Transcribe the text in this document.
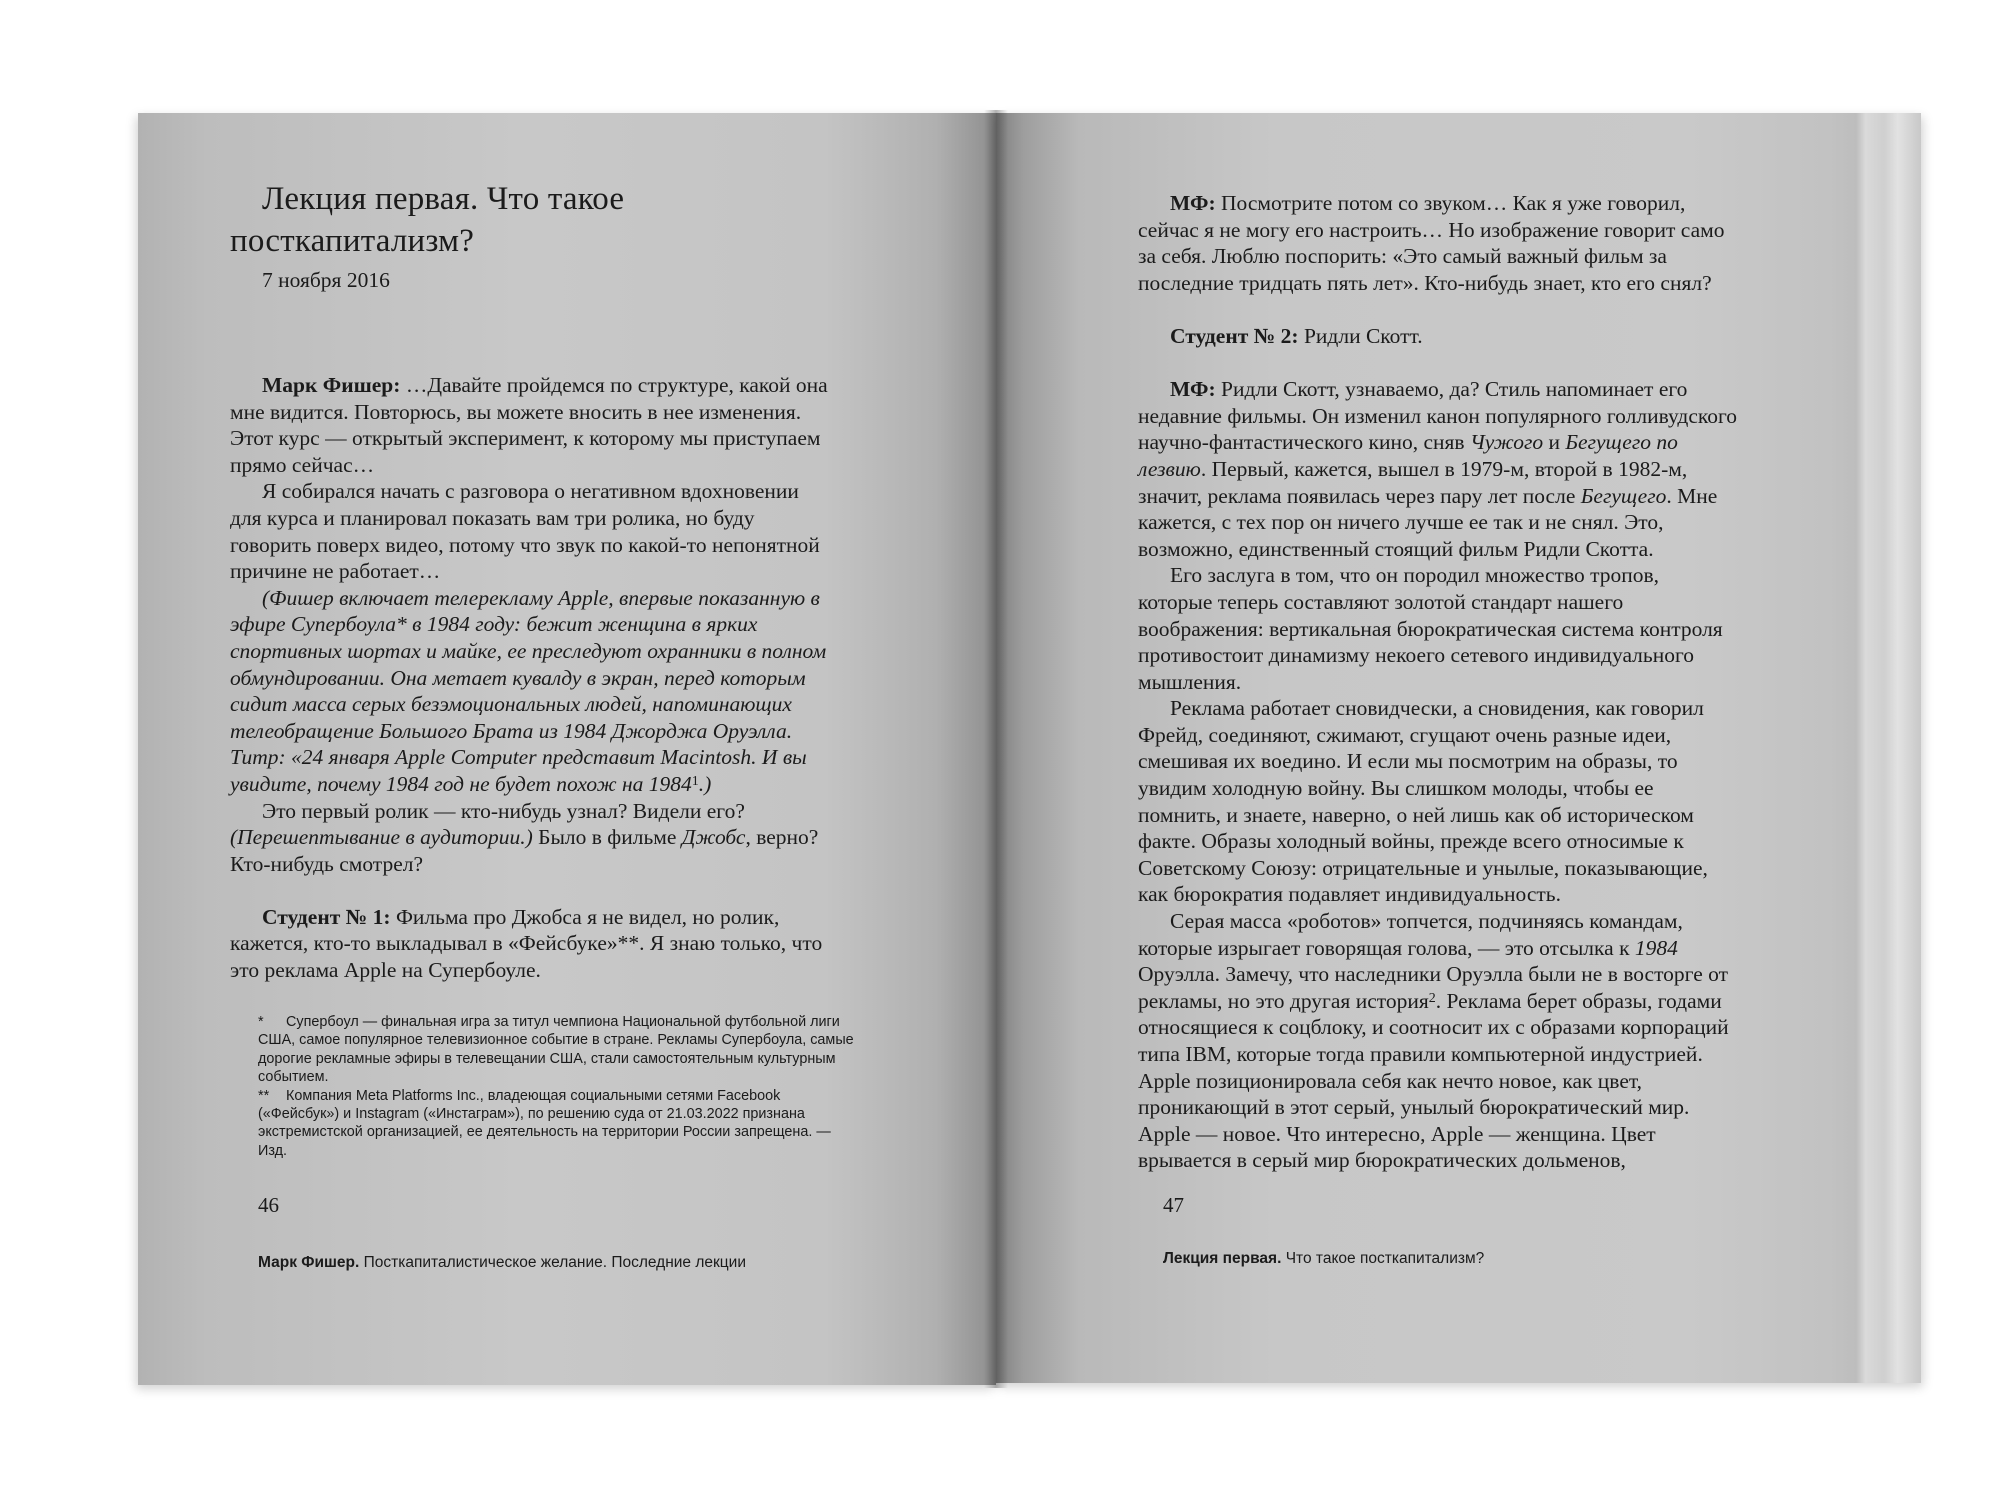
Лекция первая. Что такое
посткапитализм?
7 ноября 2016

Марк Фишер: …Давайте пройдемся по структуре, какой она мне видится. Повторюсь, вы можете вносить в нее изменения. Этот курс — открытый эксперимент, к которому мы приступаем прямо сейчас…

Я собирался начать с разговора о негативном вдохновении для курса и планировал показать вам три ролика, но буду говорить поверх видео, потому что звук по какой-то непонятной причине не работает…

(Фишер включает телерекламу Apple, впервые показанную в эфире Супербоула* в 1984 году: бежит женщина в ярких спортивных шортах и майке, ее преследуют охранники в полном обмундировании. Она метает кувалду в экран, перед которым сидит масса серых безэмоциональных людей, напоминающих телеобращение Большого Брата из 1984 Джорджа Оруэлла. Титр: «24 января Apple Computer представит Macintosh. И вы увидите, почему 1984 год не будет похож на 1984$^1$.)

Это первый ролик — кто-нибудь узнал? Видели его? (Перешептывание в аудитории.) Было в фильме Джобс, верно? Кто-нибудь смотрел?

Студент № 1: Фильма про Джобса я не видел, но ролик, кажется, кто-то выкладывал в «Фейсбуке»**. Я знаю только, что это реклама Apple на Супербоуле.

* Супербоул — финальная игра за титул чемпиона Национальной футбольной лиги США, самое популярное телевизионное событие в стране. Рекламы Супербоула, самые дорогие рекламные эфиры в телевещании США, стали самостоятельным культурным событием.

** Компания Meta Platforms Inc., владеющая социальными сетями Facebook («Фейсбук») и Instagram («Инстаграм»), по решению суда от 21.03.2022 признана экстремистской организацией, ее деятельность на территории России запрещена. — Изд.

46
Марк Фишер. Посткапиталистическое желание. Последние лекции

МФ: Посмотрите потом со звуком… Как я уже говорил, сейчас я не могу его настроить… Но изображение говорит само за себя. Люблю поспорить: «Это самый важный фильм за последние тридцать пять лет». Кто-нибудь знает, кто его снял?

Студент № 2: Ридли Скотт.

МФ: Ридли Скотт, узнаваемо, да? Стиль напоминает его недавние фильмы. Он изменил канон популярного голливудского научно-фантастического кино, сняв Чужого и Бегущего по лезвию. Первый, кажется, вышел в 1979-м, второй в 1982-м, значит, реклама появилась через пару лет после Бегущего. Мне кажется, с тех пор он ничего лучше ее так и не снял. Это, возможно, единственный стоящий фильм Ридли Скотта.

Его заслуга в том, что он породил множество тропов, которые теперь составляют золотой стандарт нашего воображения: вертикальная бюрократическая система контроля противостоит динамизму некоего сетевого индивидуального мышления.

Реклама работает сновидчески, а сновидения, как говорил Фрейд, соединяют, сжимают, сгущают очень разные идеи, смешивая их воедино. И если мы посмотрим на образы, то увидим холодную войну. Вы слишком молоды, чтобы ее помнить, и знаете, наверно, о ней лишь как об историческом факте. Образы холодный войны, прежде всего относимые к Советскому Союзу: отрицательные и унылые, показывающие, как бюрократия подавляет индивидуальность.

Серая масса «роботов» топчется, подчиняясь командам, которые изрыгает говорящая голова, — это отсылка к 1984 Оруэлла. Замечу, что наследники Оруэлла были не в восторге от рекламы, но это другая история$^2$. Реклама берет образы, годами относящиеся к соцблоку, и соотносит их с образами корпораций типа IBM, которые тогда правили компьютерной индустрией. Apple позиционировала себя как нечто новое, как цвет, проникающий в этот серый, унылый бюрократический мир. Apple — новое. Что интересно, Apple — женщина. Цвет врывается в серый мир бюрократических дольменов,

47
Лекция первая. Что такое посткапитализм?
